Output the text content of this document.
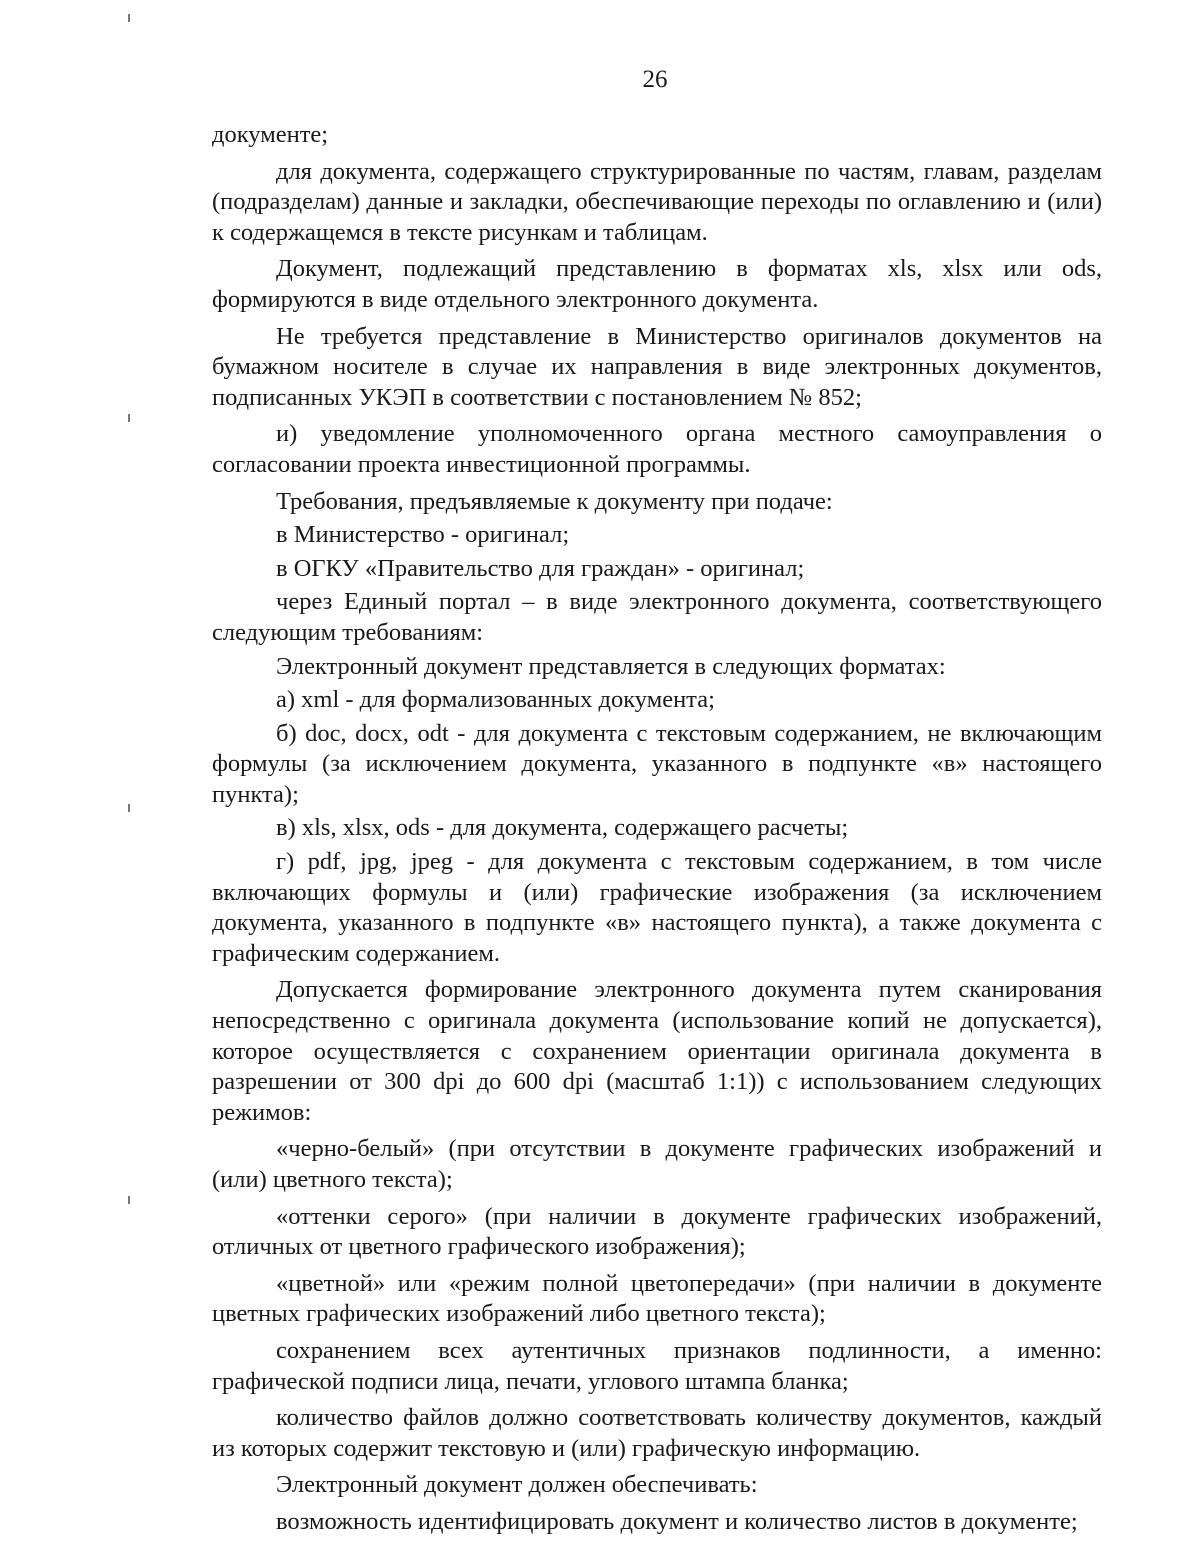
26

документе;

для документа, содержащего структурированные по частям, главам, разделам (подразделам) данные и закладки, обеспечивающие переходы по оглавлению и (или) к содержащемся в тексте рисункам и таблицам.

Документ, подлежащий представлению в форматах xls, xlsx или ods, формируются в виде отдельного электронного документа.

Не требуется представление в Министерство оригиналов документов на бумажном носителе в случае их направления в виде электронных документов, подписанных УКЭП в соответствии с постановлением № 852;

и) уведомление уполномоченного органа местного самоуправления о согласовании проекта инвестиционной программы.

Требования, предъявляемые к документу при подаче:

в Министерство - оригинал;

в ОГКУ «Правительство для граждан» - оригинал;

через Единый портал – в виде электронного документа, соответствующего следующим требованиям:

Электронный документ представляется в следующих форматах:

а) xml - для формализованных документа;

б) doc, docx, odt - для документа с текстовым содержанием, не включающим формулы (за исключением документа, указанного в подпункте «в» настоящего пункта);

в) xls, xlsx, ods - для документа, содержащего расчеты;

г) pdf, jpg, jpeg - для документа с текстовым содержанием, в том числе включающих формулы и (или) графические изображения (за исключением документа, указанного в подпункте «в» настоящего пункта), а также документа с графическим содержанием.

Допускается формирование электронного документа путем сканирования непосредственно с оригинала документа (использование копий не допускается), которое осуществляется с сохранением ориентации оригинала документа в разрешении от 300 dpi до 600 dpi (масштаб 1:1)) с использованием следующих режимов:

«черно-белый» (при отсутствии в документе графических изображений и (или) цветного текста);

«оттенки серого» (при наличии в документе графических изображений, отличных от цветного графического изображения);

«цветной» или «режим полной цветопередачи» (при наличии в документе цветных графических изображений либо цветного текста);

сохранением всех аутентичных признаков подлинности, а именно: графической подписи лица, печати, углового штампа бланка;

количество файлов должно соответствовать количеству документов, каждый из которых содержит текстовую и (или) графическую информацию.

Электронный документ должен обеспечивать:

возможность идентифицировать документ и количество листов в документе;
